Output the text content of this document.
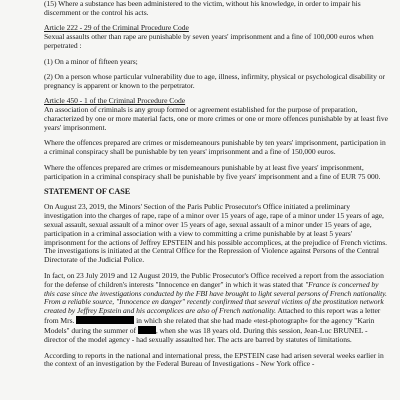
(15) Where a substance has been administered to the victim, without his knowledge, in order to impair his discernment or the control his acts.

Article 222 - 29 of the Criminal Procedure Code

Sexual assaults other than rape are punishable by seven years' imprisonment and a fine of 100,000 euros when perpetrated :

(1) On a minor of fifteen years;

(2) On a person whose particular vulnerability due to age, illness, infirmity, physical or psychological disability or pregnancy is apparent or known to the perpetrator.

Article 450 - 1 of the Criminal Procedure Code

An association of criminals is any group formed or agreement established for the purpose of preparation, characterized by one or more material facts, one or more crimes or one or more offences punishable by at least five years' imprisonment.

Where the offences prepared are crimes or misdemeanours punishable by ten years' imprisonment, participation in a criminal conspiracy shall be punishable by ten years' imprisonment and a fine of 150,000 euros.

Where the offences prepared are crimes or misdemeanours punishable by at least five years' imprisonment, participation in a criminal conspiracy shall be punishable by five years' imprisonment and a fine of EUR 75 000.

STATEMENT OF CASE

On August 23, 2019, the Minors' Section of the Paris Public Prosecutor's Office initiated a preliminary investigation into the charges of rape, rape of a minor over 15 years of age, rape of a minor under 15 years of age, sexual assault, sexual assault of a minor over 15 years of age, sexual assault of a minor under 15 years of age, participation in a criminal association with a view to committing a crime punishable by at least 5 years' imprisonment for the actions of Jeffrey EPSTEIN and his possible accomplices, at the prejudice of French victims. The investigations is initiated at the Central Office for the Repression of Violence against Persons of the Central Directorate of the Judicial Police.

In fact, on 23 July 2019 and 12 August 2019, the Public Prosecutor's Office received a report from the association for the defense of children's interests "Innocence en danger" in which it was stated that "France is concerned by this case since the investigations conducted by the FBI have brought to light several persons of French nationality. From a reliable source, "Innocence en danger" recently confirmed that several victims of the prostitution network created by Jeffrey Epstein and his accomplices are also of French nationality. Attached to this report was a letter from Mrs.	in which she related that she had made «test-photograph» for the agency "Karin Models" during the summer of	, when she was 18 years old. During this session, Jean-Luc BRUNEL - director of the model agency - had sexually assaulted her. The acts are barred by statutes of limitations.

According to reports in the national and international press, the EPSTEIN case had arisen several weeks earlier in the context of an investigation by the Federal Bureau of Investigations - New York office -
